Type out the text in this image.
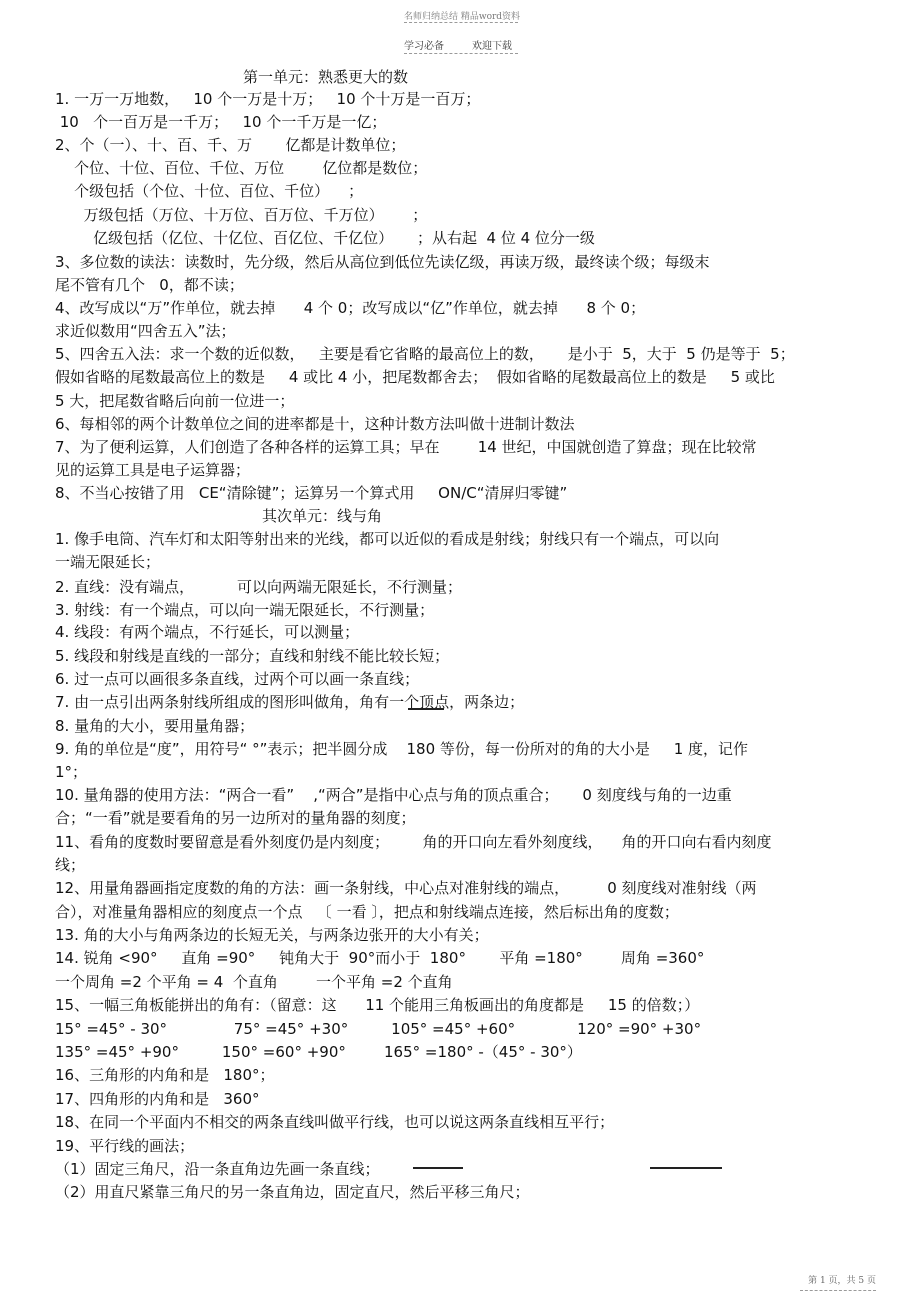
名师归纳总结 精品word资料
学习必备	欢迎下载
第一单元：熟悉更大的数
1. 一万一万地数，   10 个一万是十万；   10 个十万是一百万；
10   个一百万是一千万；   10 个一千万是一亿；
2、个（一）、十、百、千、万       亿都是计数单位；
个位、十位、百位、千位、万位        亿位都是数位；
个级包括（个位、十位、百位、千位）    ；
万级包括（万位、十万位、百万位、千万位）      ；
亿级包括（亿位、十亿位、百亿位、千亿位）     ；从右起  4 位 4 位分一级
3、多位数的读法：读数时，先分级，然后从高位到低位先读亿级，再读万级，最终读个级；每级末
尾不管有几个   0，都不读；
4、改写成以“万”作单位，就去掉      4 个 0；改写成以“亿”作单位，就去掉      8 个 0；
求近似数用“四舍五入”法；
5、四舍五入法：求一个数的近似数，   主要是看它省略的最高位上的数，     是小于  5，大于  5 仍是等于  5；
假如省略的尾数最高位上的数是     4 或比 4 小，把尾数都舍去；  假如省略的尾数最高位上的数是     5 或比
5 大，把尾数省略后向前一位进一；
6、每相邻的两个计数单位之间的进率都是十，这种计数方法叫做十进制计数法
7、为了便利运算，人们创造了各种各样的运算工具；早在        14 世纪，中国就创造了算盘；现在比较常
见的运算工具是电子运算器；
8、不当心按错了用   CE“清除键”；运算另一个算式用     ON/C“清屏归零键”
其次单元：线与角
1. 像手电筒、汽车灯和太阳等射出来的光线，都可以近似的看成是射线；射线只有一个端点，可以向
一端无限延长；
2. 直线：没有端点，         可以向两端无限延长，不行测量；
3. 射线：有一个端点，可以向一端无限延长，不行测量；
4. 线段：有两个端点，不行延长，可以测量；
5. 线段和射线是直线的一部分；直线和射线不能比较长短；
6. 过一点可以画很多条直线，过两个可以画一条直线；
7. 由一点引出两条射线所组成的图形叫做角，角有一个顶点，两条边；
8. 量角的大小，要用量角器；
9. 角的单位是“度”，用符号“ °”表示；把半圆分成    180 等份，每一份所对的角的大小是     1 度，记作
1°；
10. 量角器的使用方法：“两合一看”    ,“两合”是指中心点与角的顶点重合；     0 刻度线与角的一边重
合；“一看”就是要看角的另一边所对的量角器的刻度；
11、看角的度数时要留意是看外刻度仍是内刻度；       角的开口向左看外刻度线，    角的开口向右看内刻度
线；
12、用量角器画指定度数的角的方法：画一条射线，中心点对准射线的端点，        0 刻度线对准射线（两
合），对准量角器相应的刻度点一个点   〔 一看 〕，把点和射线端点连接，然后标出角的度数；
13. 角的大小与角两条边的长短无关，与两条边张开的大小有关；
14. 锐角 <90°     直角 =90°     钝角大于  90°而小于  180°       平角 =180°        周角 =360°
一个周角 =2 个平角 = 4  个直角        一个平角 =2 个直角
15、一幅三角板能拼出的角有：（留意：这      11 个能用三角板画出的角度都是     15 的倍数；）
15° =45° - 30°              75° =45° +30°         105° =45° +60°             120° =90° +30°
135° =45° +90°         150° =60° +90°        165° =180° -（45° - 30°）
16、三角形的内角和是   180°；
17、四角形的内角和是   360°
18、在同一个平面内不相交的两条直线叫做平行线，也可以说这两条直线相互平行；
19、平行线的画法；
（1）固定三角尺，沿一条直角边先画一条直线；
（2）用直尺紧靠三角尺的另一条直角边，固定直尺，然后平移三角尺；
第 1 页，共 5 页
